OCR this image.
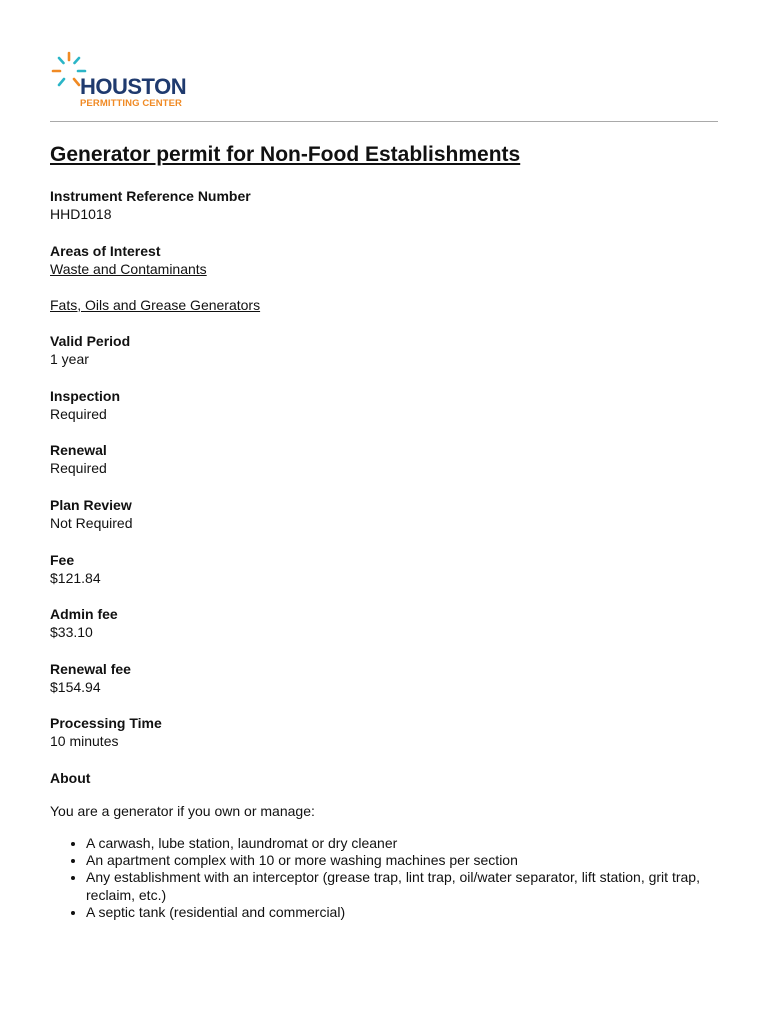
HOUSTON
PERMITTING CENTER
Generator permit for Non-Food Establishments
Instrument Reference Number
HHD1018
Areas of Interest
Waste and Contaminants
Fats, Oils and Grease Generators
Valid Period
1 year
Inspection
Required
Renewal
Required
Plan Review
Not Required
Fee
$121.84
Admin fee
$33.10
Renewal fee
$154.94
Processing Time
10 minutes
About
You are a generator if you own or manage:
• A carwash, lube station, laundromat or dry cleaner
• An apartment complex with 10 or more washing machines per section
• Any establishment with an interceptor (grease trap, lint trap, oil/water separator, lift station, grit trap, reclaim, etc.)
• A septic tank (residential and commercial)
